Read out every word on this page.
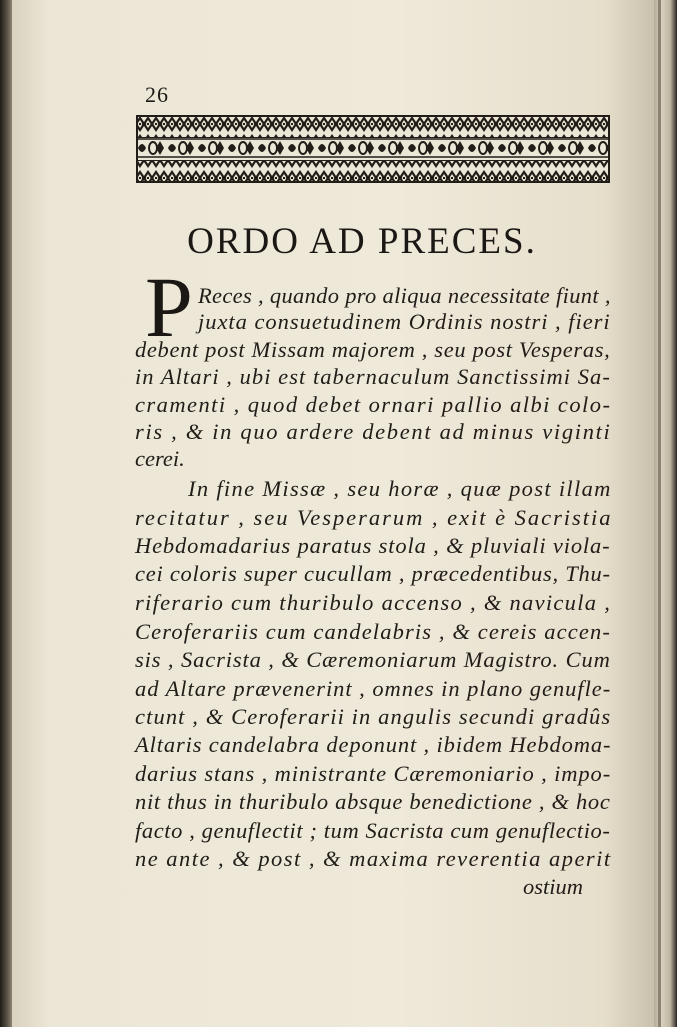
26
ORDO AD PRECES.
P Reces , quando pro aliqua necessitate fiunt ,
juxta consuetudinem Ordinis nostri , fieri
debent post Missam majorem , seu post Vesperas,
in Altari , ubi est tabernaculum Sanctissimi Sa-
cramenti , quod debet ornari pallio albi colo-
ris , & in quo ardere debent ad minus viginti
cerei.
In fine Missæ , seu horæ , quæ post illam
recitatur , seu Vesperarum , exit è Sacristia
Hebdomadarius paratus stola , & pluviali viola-
cei coloris super cucullam , præcedentibus, Thu-
riferario cum thuribulo accenso , & navicula ,
Ceroferariis cum candelabris , & cereis accen-
sis , Sacrista , & Cæremoniarum Magistro. Cum
ad Altare prævenerint , omnes in plano genufle-
ctunt , & Ceroferarii in angulis secundi gradûs
Altaris candelabra deponunt , ibidem Hebdoma-
darius stans , ministrante Cæremoniario , impo-
nit thus in thuribulo absque benedictione , & hoc
facto , genuflectit ; tum Sacrista cum genuflectio-
ne ante , & post , & maxima reverentia aperit
ostium
